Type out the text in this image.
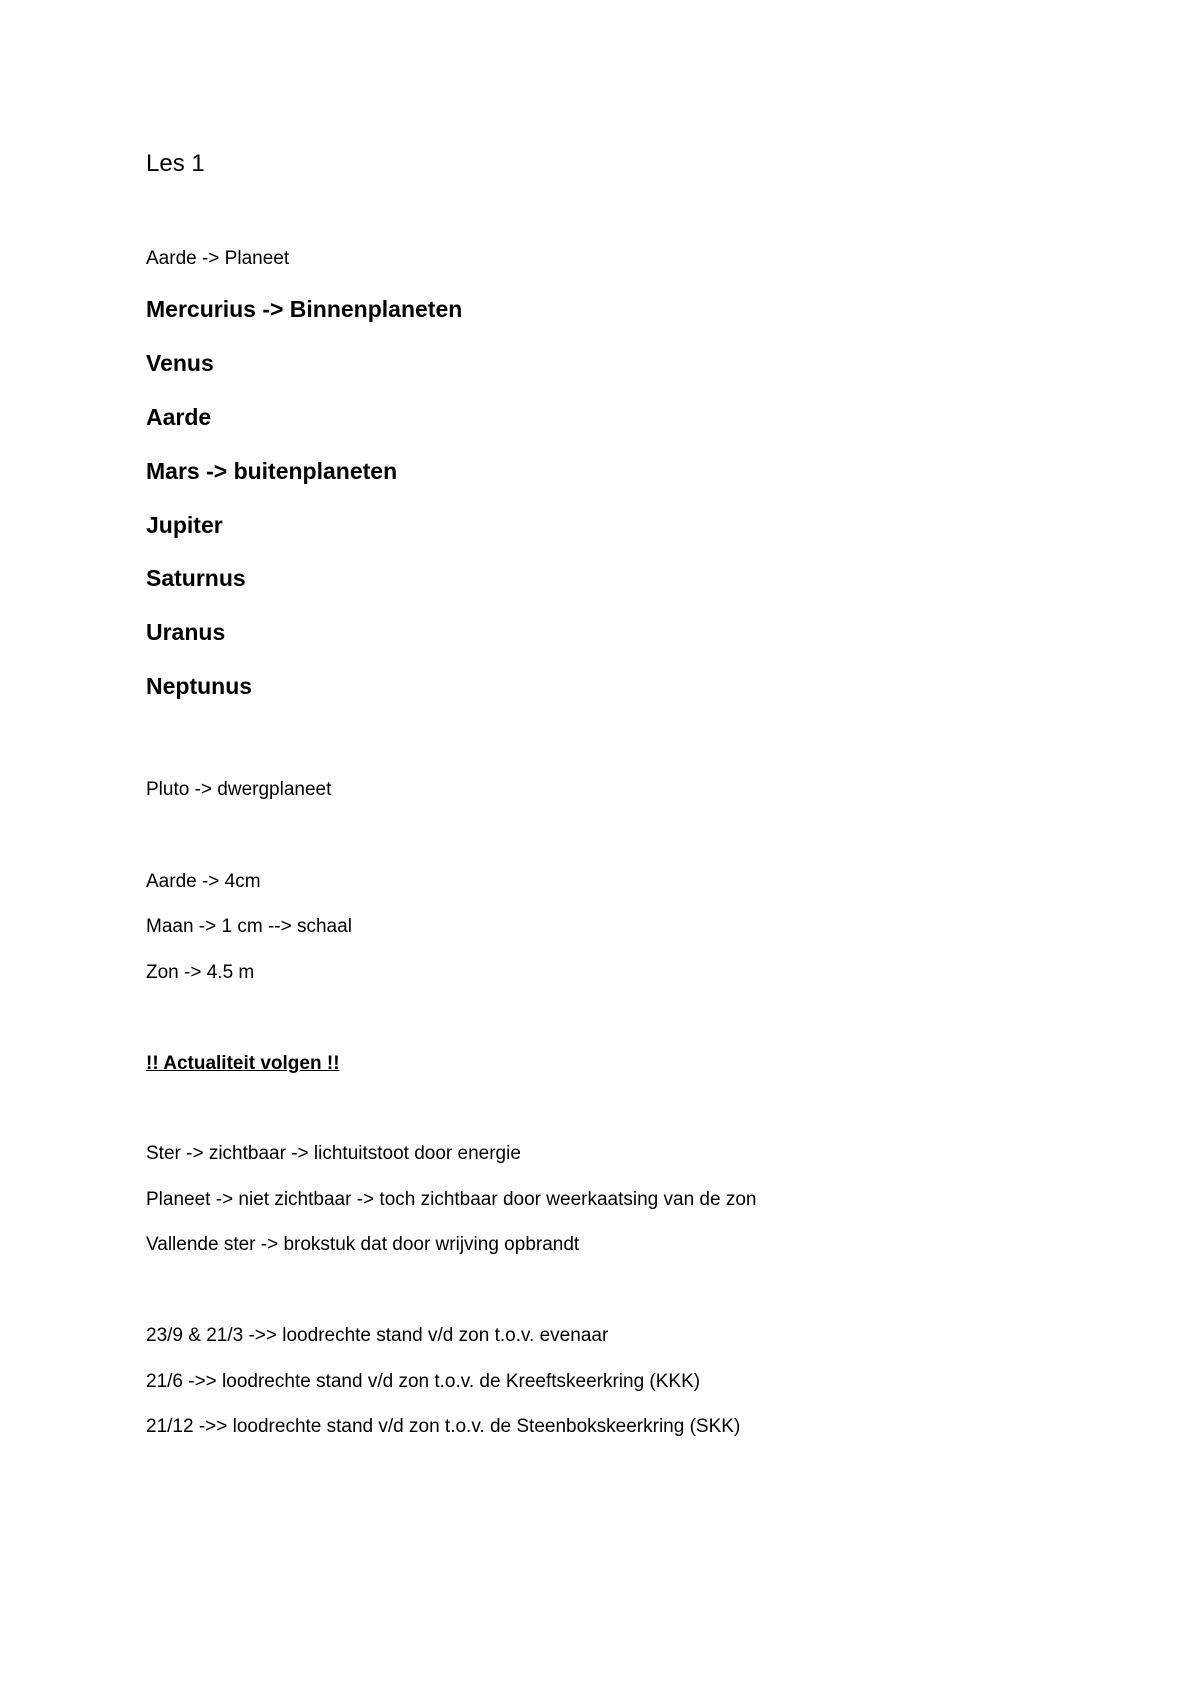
Les 1
Aarde -> Planeet
Mercurius -> Binnenplaneten
Venus
Aarde
Mars -> buitenplaneten
Jupiter
Saturnus
Uranus
Neptunus
Pluto -> dwergplaneet
Aarde -> 4cm
Maan -> 1 cm --> schaal
Zon -> 4.5 m
!! Actualiteit volgen !!
Ster -> zichtbaar -> lichtuitstoot door energie
Planeet -> niet zichtbaar -> toch zichtbaar door weerkaatsing van de zon
Vallende ster -> brokstuk dat door wrijving opbrandt
23/9 & 21/3 ->> loodrechte stand v/d zon t.o.v. evenaar
21/6 ->> loodrechte stand v/d zon t.o.v. de Kreeftskeerkring (KKK)
21/12 ->> loodrechte stand v/d zon t.o.v. de Steenbokskeerkring (SKK)
